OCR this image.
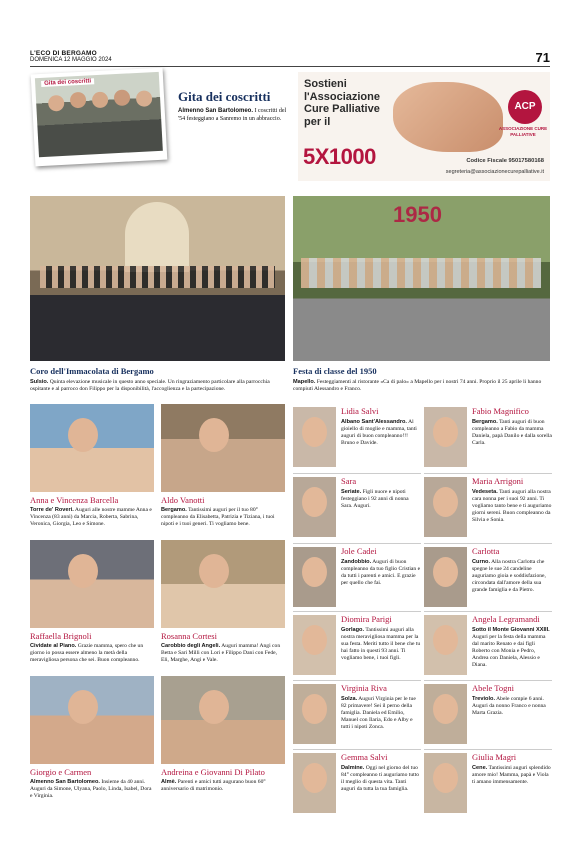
L'ECO DI BERGAMO
DOMENICA 12 MAGGIO 2024	71
Gita dei coscritti
Gita dei coscritti
Almenno San Bartolomeo. I coscritti del '54 festeggiano a Sanremo in un abbraccio.
Sostieni l'Associazione Cure Palliative per il
ACP
ASSOCIAZIONE CURE PALLIATIVE
5X1000	Codice Fiscale 95017580168
segreteria@associazionecurepalliative.it
1950
Coro dell'Immacolata di Bergamo
Sulsio. Quinta elevazione musicale in questo anno speciale. Un ringraziamento particolare alla parrocchia ospitante e al parroco don Filippo per la disponibilità, l'accoglienza e la partecipazione.
Festa di classe del 1950
Mapello. Festeggiamenti al ristorante «Ca di palo» a Mapello per i nostri 74 anni. Proprio il 25 aprile li hanno compiuti Alessandro e Franco.
Anna e Vincenza Barcella
Torre de' Roveri. Auguri alle nostre mamme Anna e Vincenza (83 anni) da Marcia, Roberta, Sabrina, Veronica, Giorgia, Leo e Simone.
Aldo Vanotti
Bergamo. Tantissimi auguri per il tuo 80° compleanno da Elisabetta, Patrizia e Tiziana, i tuoi nipoti e i tuoi generi. Ti vogliamo bene.
Raffaella Brignoli
Cividate al Piano. Grazie mamma, spero che un giorno io possa essere almeno la metà della meravigliosa persona che sei. Buon compleanno.
Rosanna Cortesi
Carobbio degli Angeli. Auguri mamma! Angi con Betta e Sari Milli con Lori e Filippo Dani con Fede, Eli, Marghe, Angi e Vale.
Giorgio e Carmen
Almenno San Bartolomeo. Insieme da 40 anni. Auguri da Simone, Ulyana, Paolo, Linda, Isabel, Dora e Virginia.
Andreina e Giovanni Di Pilato
Almè. Parenti e amici tutti augurano buon 60° anniversario di matrimonio.
Lidia Salvi
Albano Sant'Alessandro. Al gioiello di moglie e mamma, tanti auguri di buon compleanno!!! Bruno e Davide.
Sara
Seriate. Figli nuore e nipoti festeggiano i 92 anni di nonna Sara. Auguri.
Jole Cadei
Zandobbio. Auguri di buon compleanno da tuo figlio Cristian e da tutti i parenti e amici. E grazie per quello che fai.
Diomira Parigi
Gorlago. Tantissimi auguri alla nostra meravigliosa mamma per la sua festa. Meriti tutto il bene che tu hai fatto in questi 93 anni. Ti vogliamo bene, i tuoi figli.
Virginia Riva
Solza. Auguri Virginia per le tue 82 primavere! Sei il perno della famiglia. Daniela ed Emilio, Manuel con Ilaria, Edo e Alby e tutti i nipoti Zonca.
Gemma Salvi
Dalmine. Oggi nel giorno del tuo 84° compleanno ti auguriamo tutto il meglio di questa vita. Tanti auguri da tutta la tua famiglia.
Fabio Magnifico
Bergamo. Tanti auguri di buon compleanno a Fabio da mamma Daniela, papà Danilo e dalla sorella Carla.
Maria Arrigoni
Vedeseta. Tanti auguri alla nostra cara nonna per i suoi 92 anni. Ti vogliamo tanto bene e ti auguriamo giorni sereni. Buon compleanno da Silvia e Sonia.
Carlotta
Curno. Alla nostra Carlotta che spegne le sue 24 candeline auguriamo gioia e soddisfazione, circondata dall'amore della sua grande famiglia e da Pietro.
Angela Legramandi
Sotto il Monte Giovanni XXIII. Auguri per la festa della mamma dal marito Renato e dai figli Roberto con Monia e Pedro, Andrea con Daniela, Alessio e Diana.
Abele Togni
Treviolo. Abele compie 6 anni. Auguri da nonno Franco e nonna Marta Grazia.
Giulia Magri
Cene. Tantissimi auguri splendido amore mio! Mamma, papà e Viola ti amano immensamente.
